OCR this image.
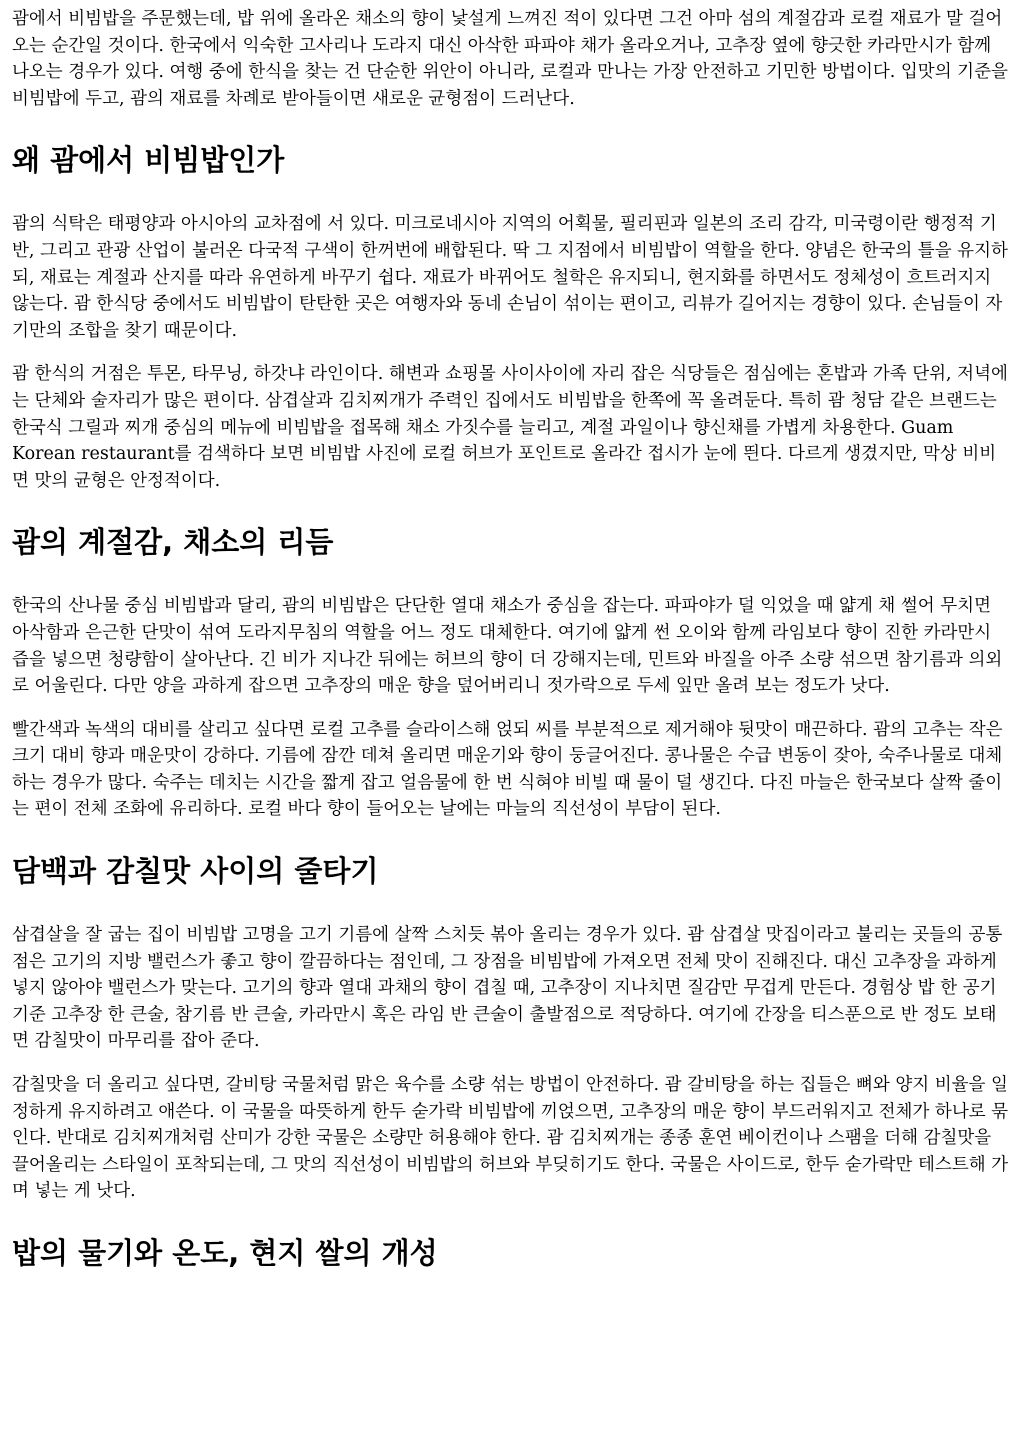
괌에서 비빔밥을 주문했는데, 밥 위에 올라온 채소의 향이 낯설게 느껴진 적이 있다면 그건 아마 섬의 계절감과 로컬 재료가 말 걸어오는 순간일 것이다. 한국에서 익숙한 고사리나 도라지 대신 아삭한 파파야 채가 올라오거나, 고추장 옆에 향긋한 카라만시가 함께 나오는 경우가 있다. 여행 중에 한식을 찾는 건 단순한 위안이 아니라, 로컬과 만나는 가장 안전하고 기민한 방법이다. 입맛의 기준을 비빔밥에 두고, 괌의 재료를 차례로 받아들이면 새로운 균형점이 드러난다.

왜 괌에서 비빔밥인가

괌의 식탁은 태평양과 아시아의 교차점에 서 있다. 미크로네시아 지역의 어획물, 필리핀과 일본의 조리 감각, 미국령이란 행정적 기반, 그리고 관광 산업이 불러온 다국적 구색이 한꺼번에 배합된다. 딱 그 지점에서 비빔밥이 역할을 한다. 양념은 한국의 틀을 유지하되, 재료는 계절과 산지를 따라 유연하게 바꾸기 쉽다. 재료가 바뀌어도 철학은 유지되니, 현지화를 하면서도 정체성이 흐트러지지 않는다. 괌 한식당 중에서도 비빔밥이 탄탄한 곳은 여행자와 동네 손님이 섞이는 편이고, 리뷰가 길어지는 경향이 있다. 손님들이 자기만의 조합을 찾기 때문이다.

괌 한식의 거점은 투몬, 타무닝, 하갓냐 라인이다. 해변과 쇼핑몰 사이사이에 자리 잡은 식당들은 점심에는 혼밥과 가족 단위, 저녁에는 단체와 술자리가 많은 편이다. 삼겹살과 김치찌개가 주력인 집에서도 비빔밥을 한쪽에 꼭 올려둔다. 특히 괌 청담 같은 브랜드는 한국식 그릴과 찌개 중심의 메뉴에 비빔밥을 접목해 채소 가짓수를 늘리고, 계절 과일이나 향신채를 가볍게 차용한다. Guam Korean restaurant를 검색하다 보면 비빔밥 사진에 로컬 허브가 포인트로 올라간 접시가 눈에 띈다. 다르게 생겼지만, 막상 비비면 맛의 균형은 안정적이다.

괌의 계절감, 채소의 리듬

한국의 산나물 중심 비빔밥과 달리, 괌의 비빔밥은 단단한 열대 채소가 중심을 잡는다. 파파야가 덜 익었을 때 얇게 채 썰어 무치면 아삭함과 은근한 단맛이 섞여 도라지무침의 역할을 어느 정도 대체한다. 여기에 얇게 썬 오이와 함께 라임보다 향이 진한 카라만시 즙을 넣으면 청량함이 살아난다. 긴 비가 지나간 뒤에는 허브의 향이 더 강해지는데, 민트와 바질을 아주 소량 섞으면 참기름과 의외로 어울린다. 다만 양을 과하게 잡으면 고추장의 매운 향을 덮어버리니 젓가락으로 두세 잎만 올려 보는 정도가 낫다.

빨간색과 녹색의 대비를 살리고 싶다면 로컬 고추를 슬라이스해 얹되 씨를 부분적으로 제거해야 뒷맛이 매끈하다. 괌의 고추는 작은 크기 대비 향과 매운맛이 강하다. 기름에 잠깐 데쳐 올리면 매운기와 향이 둥글어진다. 콩나물은 수급 변동이 잦아, 숙주나물로 대체하는 경우가 많다. 숙주는 데치는 시간을 짧게 잡고 얼음물에 한 번 식혀야 비빌 때 물이 덜 생긴다. 다진 마늘은 한국보다 살짝 줄이는 편이 전체 조화에 유리하다. 로컬 바다 향이 들어오는 날에는 마늘의 직선성이 부담이 된다.

담백과 감칠맛 사이의 줄타기

삼겹살을 잘 굽는 집이 비빔밥 고명을 고기 기름에 살짝 스치듯 볶아 올리는 경우가 있다. 괌 삼겹살 맛집이라고 불리는 곳들의 공통점은 고기의 지방 밸런스가 좋고 향이 깔끔하다는 점인데, 그 장점을 비빔밥에 가져오면 전체 맛이 진해진다. 대신 고추장을 과하게 넣지 않아야 밸런스가 맞는다. 고기의 향과 열대 과채의 향이 겹칠 때, 고추장이 지나치면 질감만 무겁게 만든다. 경험상 밥 한 공기 기준 고추장 한 큰술, 참기름 반 큰술, 카라만시 혹은 라임 반 큰술이 출발점으로 적당하다. 여기에 간장을 티스푼으로 반 정도 보태면 감칠맛이 마무리를 잡아 준다.

감칠맛을 더 올리고 싶다면, 갈비탕 국물처럼 맑은 육수를 소량 섞는 방법이 안전하다. 괌 갈비탕을 하는 집들은 뼈와 양지 비율을 일정하게 유지하려고 애쓴다. 이 국물을 따뜻하게 한두 숟가락 비빔밥에 끼얹으면, 고추장의 매운 향이 부드러워지고 전체가 하나로 묶인다. 반대로 김치찌개처럼 산미가 강한 국물은 소량만 허용해야 한다. 괌 김치찌개는 종종 훈연 베이컨이나 스팸을 더해 감칠맛을 끌어올리는 스타일이 포착되는데, 그 맛의 직선성이 비빔밥의 허브와 부딪히기도 한다. 국물은 사이드로, 한두 숟가락만 테스트해 가며 넣는 게 낫다.

밥의 물기와 온도, 현지 쌀의 개성
